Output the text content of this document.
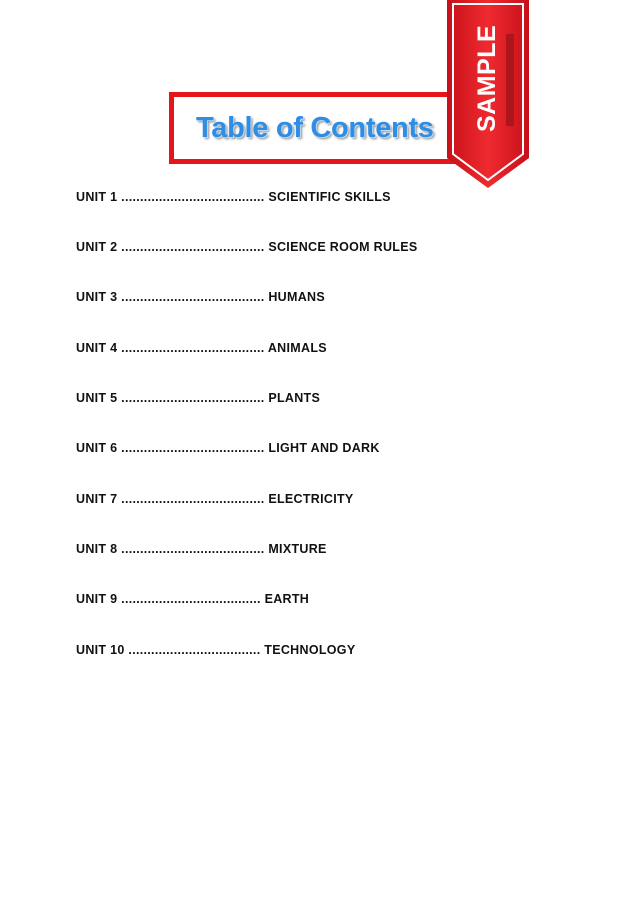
Table of Contents SAMPLE
UNIT 1 ...................................... SCIENTIFIC SKILLS
UNIT 2 ...................................... SCIENCE ROOM RULES
UNIT 3 ...................................... HUMANS
UNIT 4 ...................................... ANIMALS
UNIT 5 ...................................... PLANTS
UNIT 6 ...................................... LIGHT AND DARK
UNIT 7 ...................................... ELECTRICITY
UNIT 8 ...................................... MIXTURE
UNIT 9 ..................................... EARTH
UNIT 10 ................................... TECHNOLOGY
